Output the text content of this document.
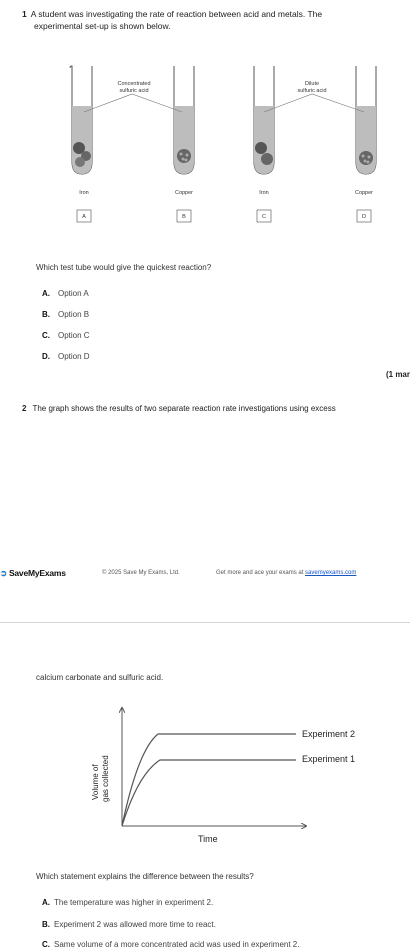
1 A student was investigating the rate of reaction between acid and metals. The
experimental set-up is shown below.
Concentrated
sulfuric acid
Dilute
sulfuric acid
Iron	Copper	Iron	Copper
A	B	C	D
Which test tube would give the quickest reaction?
A.	Option A
B.	Option B
C.	Option C
D.	Option D
(1 mar
2 The graph shows the results of two separate reaction rate investigations using excess
➲ SaveMyExams	© 2025 Save My Exams, Ltd.	Get more and ace your exams at savemyexams.com
calcium carbonate and sulfuric acid.
Experiment 2
Experiment 1
Time
Volume of gas collected
Which statement explains the difference between the results?
A. The temperature was higher in experiment 2.
B. Experiment 2 was allowed more time to react.
C. Same volume of a more concentrated acid was used in experiment 2.
